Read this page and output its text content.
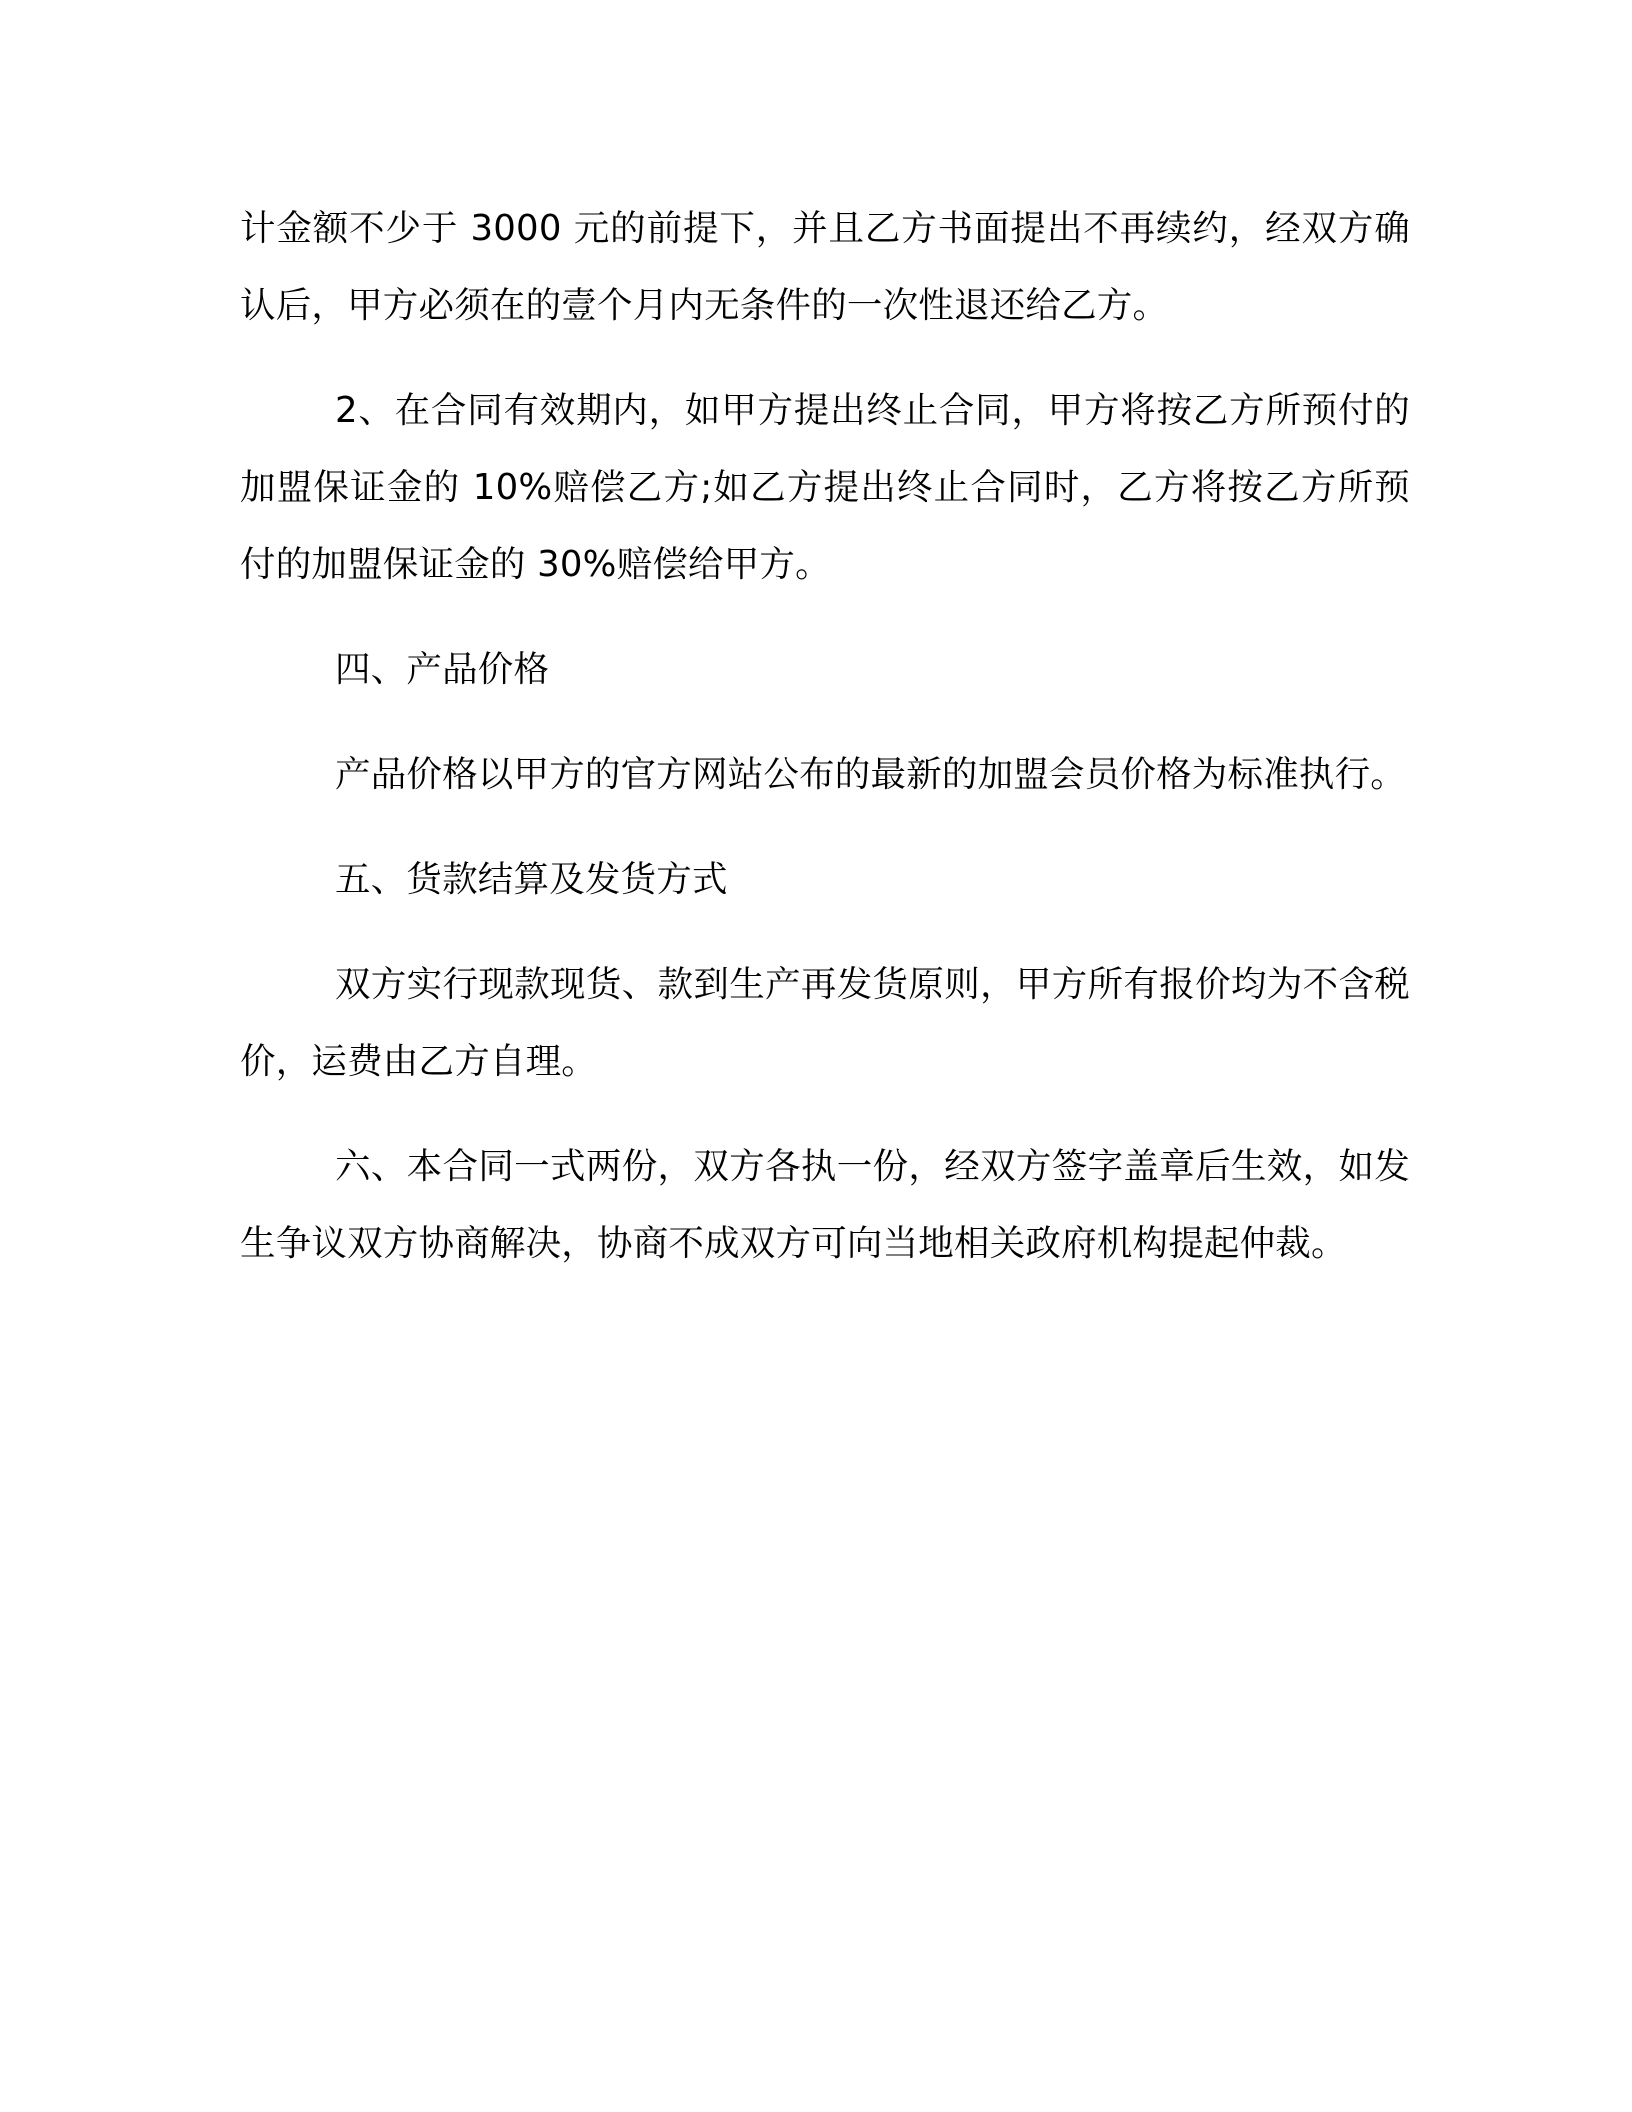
计金额不少于 3000 元的前提下，并且乙方书面提出不再续约，经双方确认后，甲方必须在的壹个月内无条件的一次性退还给乙方。

2、在合同有效期内，如甲方提出终止合同，甲方将按乙方所预付的加盟保证金的 10%赔偿乙方;如乙方提出终止合同时，乙方将按乙方所预付的加盟保证金的 30%赔偿给甲方。

四、产品价格

产品价格以甲方的官方网站公布的最新的加盟会员价格为标准执行。

五、货款结算及发货方式

双方实行现款现货、款到生产再发货原则，甲方所有报价均为不含税价，运费由乙方自理。

六、本合同一式两份，双方各执一份，经双方签字盖章后生效，如发生争议双方协商解决，协商不成双方可向当地相关政府机构提起仲裁。
